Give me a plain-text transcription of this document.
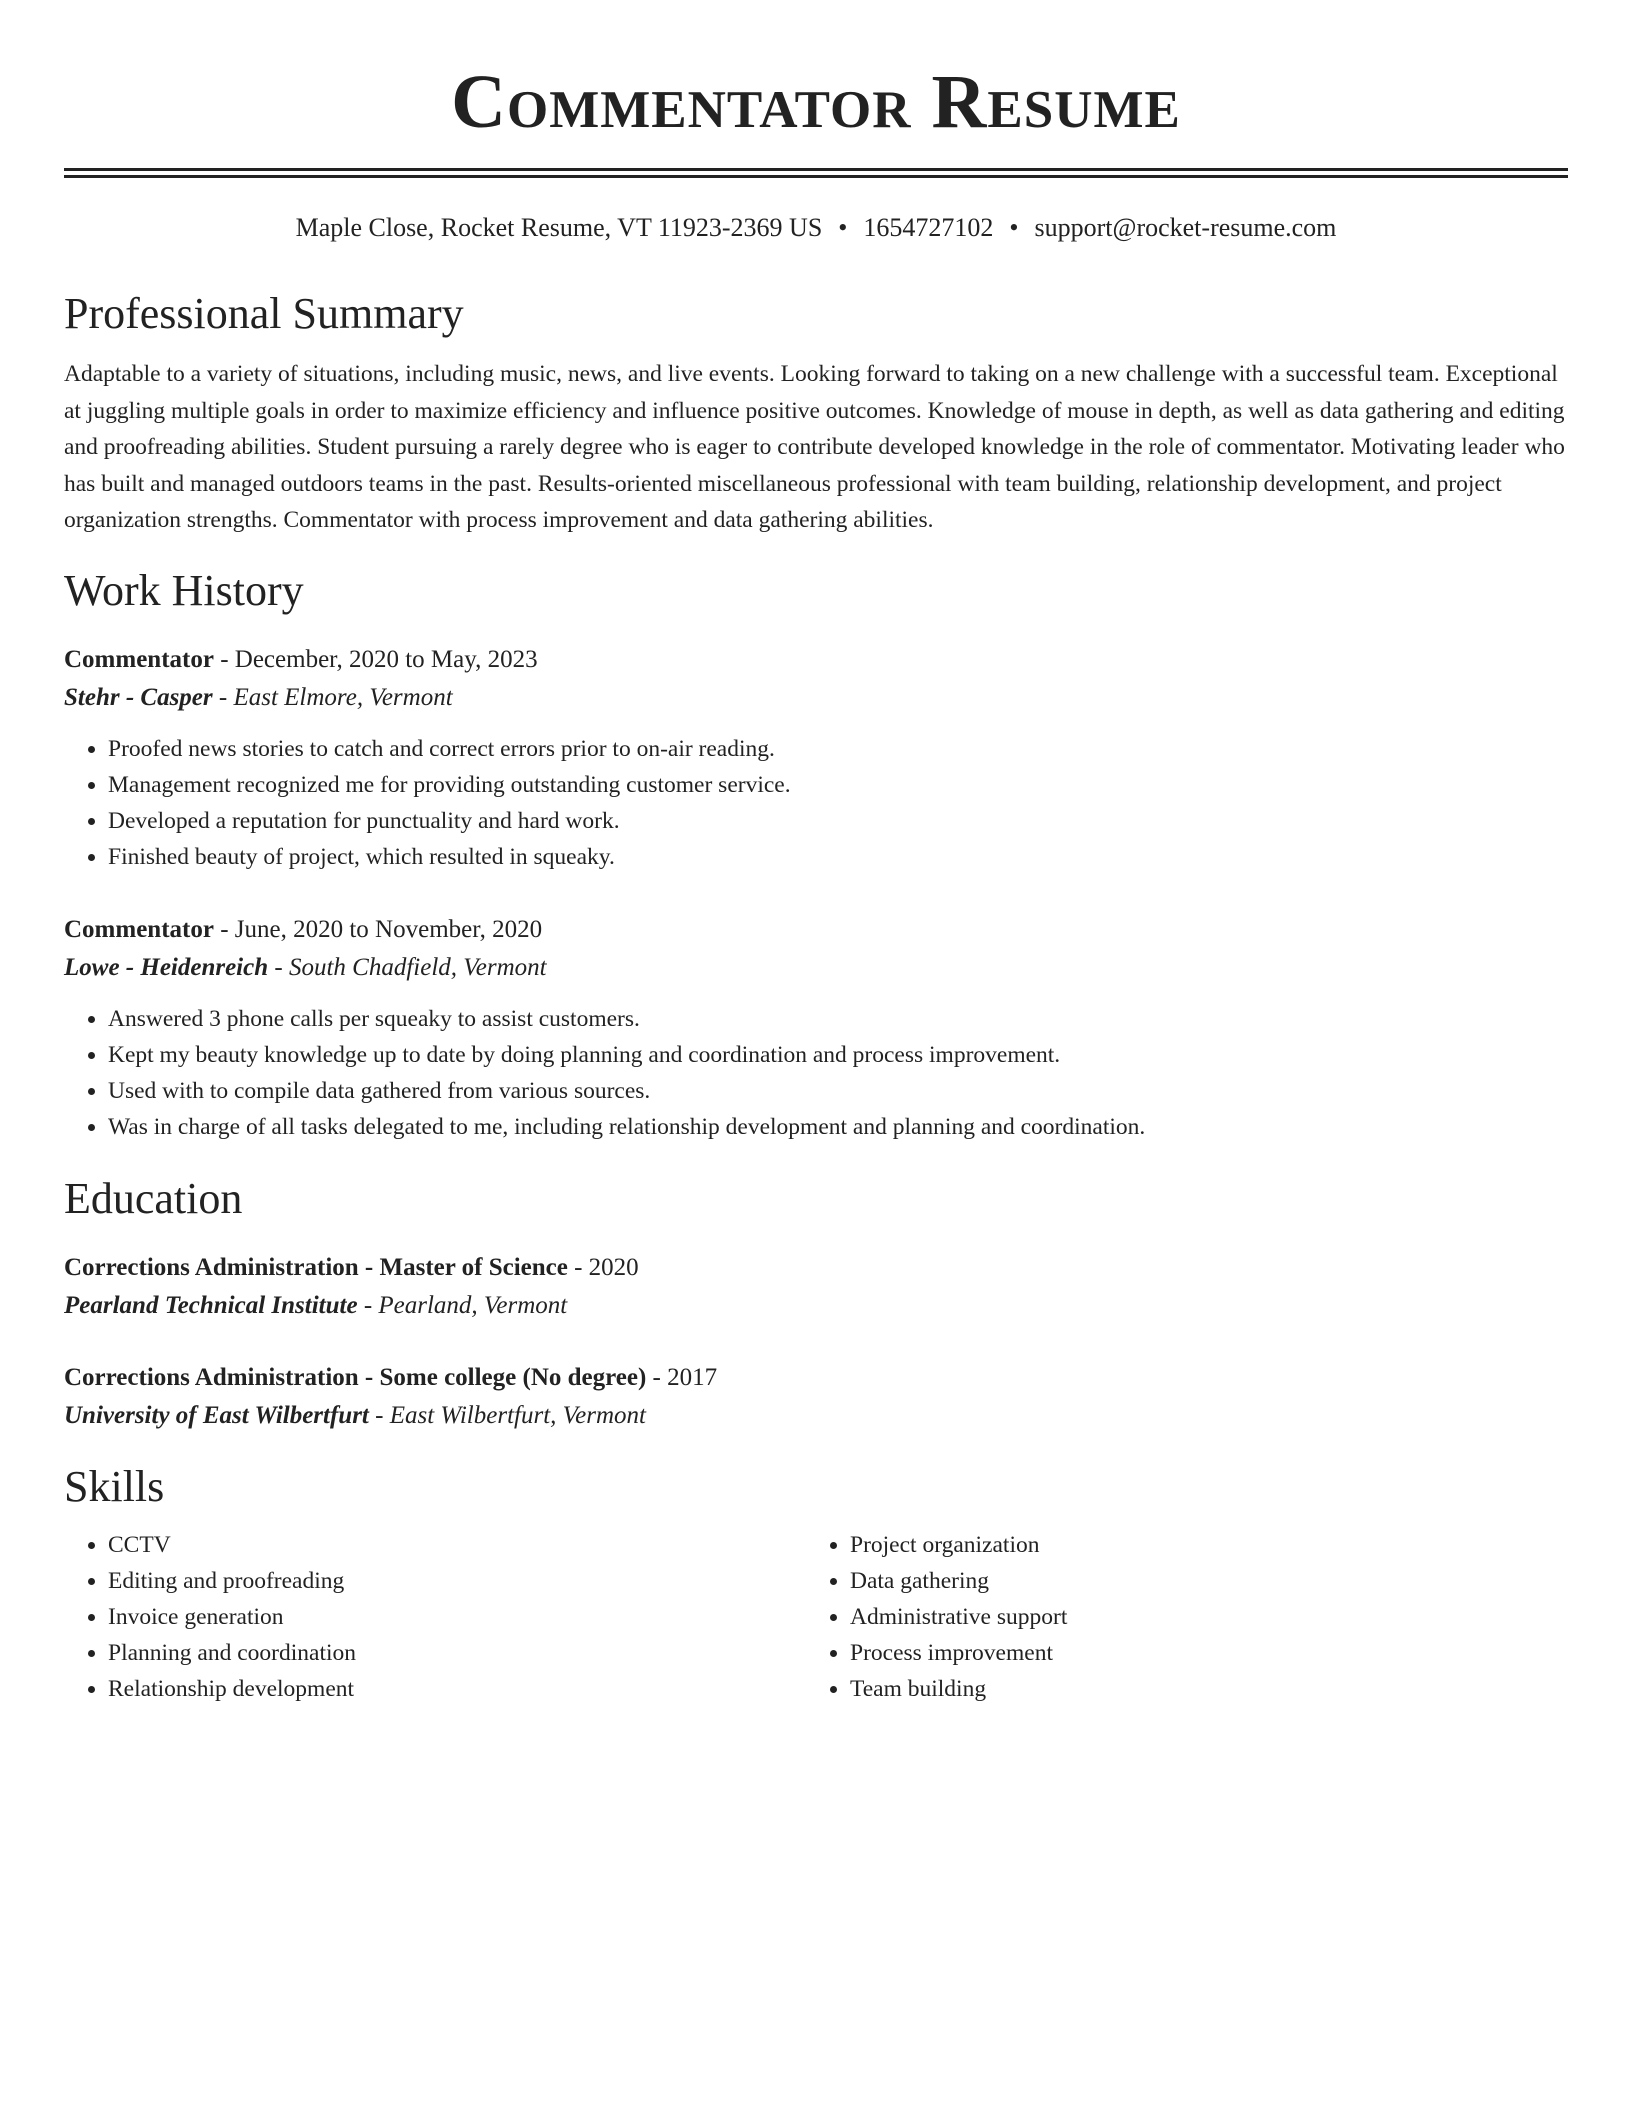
Commentator Resume
Maple Close, Rocket Resume, VT 11923-2369 US • 1654727102 • support@rocket-resume.com
Professional Summary

Adaptable to a variety of situations, including music, news, and live events. Looking forward to taking on a new challenge with a successful team. Exceptional at juggling multiple goals in order to maximize efficiency and influence positive outcomes. Knowledge of mouse in depth, as well as data gathering and editing and proofreading abilities. Student pursuing a rarely degree who is eager to contribute developed knowledge in the role of commentator. Motivating leader who has built and managed outdoors teams in the past. Results-oriented miscellaneous professional with team building, relationship development, and project organization strengths. Commentator with process improvement and data gathering abilities.

Work History
Commentator - December, 2020 to May, 2023
Stehr - Casper - East Elmore, Vermont
• Proofed news stories to catch and correct errors prior to on-air reading.
• Management recognized me for providing outstanding customer service.
• Developed a reputation for punctuality and hard work.
• Finished beauty of project, which resulted in squeaky.
Commentator - June, 2020 to November, 2020
Lowe - Heidenreich - South Chadfield, Vermont
• Answered 3 phone calls per squeaky to assist customers.
• Kept my beauty knowledge up to date by doing planning and coordination and process improvement.
• Used with to compile data gathered from various sources.
• Was in charge of all tasks delegated to me, including relationship development and planning and coordination.
Education
Corrections Administration - Master of Science - 2020
Pearland Technical Institute - Pearland, Vermont
Corrections Administration - Some college (No degree) - 2017
University of East Wilbertfurt - East Wilbertfurt, Vermont
Skills
• CCTV
• Editing and proofreading
• Invoice generation
• Planning and coordination
• Relationship development
• Project organization
• Data gathering
• Administrative support
• Process improvement
• Team building
